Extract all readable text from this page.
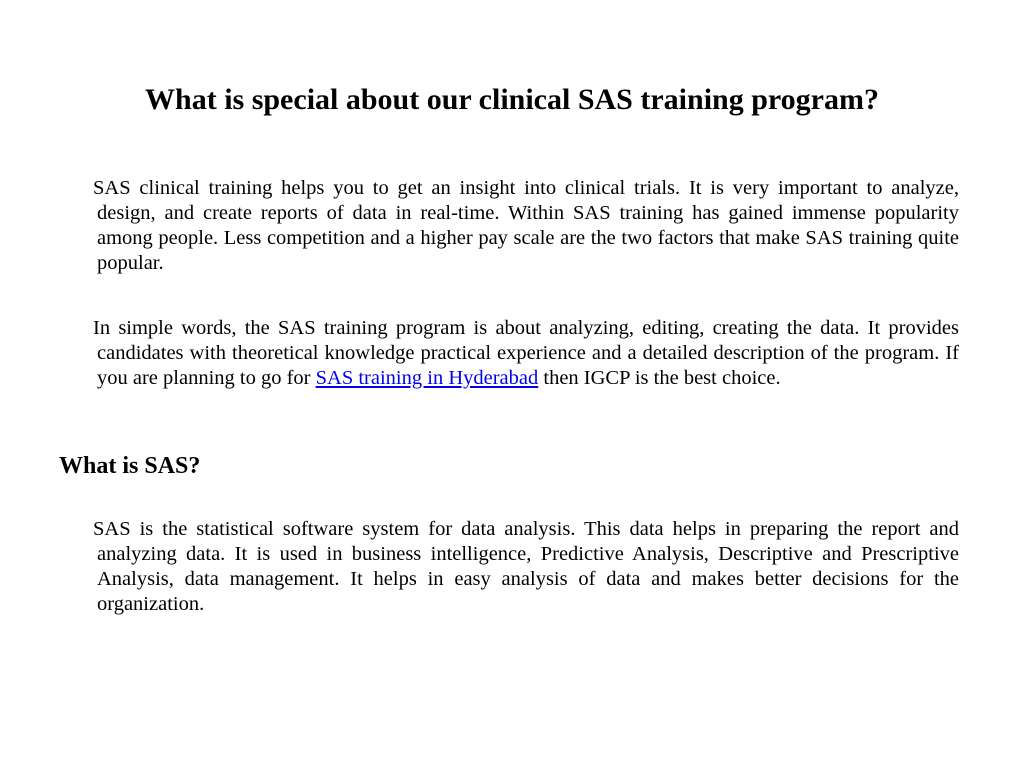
What is special about our clinical SAS training program?

SAS clinical training helps you to get an insight into clinical trials. It is very important to analyze, design, and create reports of data in real-time. Within SAS training has gained immense popularity among people. Less competition and a higher pay scale are the two factors that make SAS training quite popular.

In simple words, the SAS training program is about analyzing, editing, creating the data. It provides candidates with theoretical knowledge practical experience and a detailed description of the program. If you are planning to go for SAS training in Hyderabad then IGCP is the best choice.

What is SAS?

SAS is the statistical software system for data analysis. This data helps in preparing the report and analyzing data. It is used in business intelligence, Predictive Analysis, Descriptive and Prescriptive Analysis, data management. It helps in easy analysis of data and makes better decisions for the organization.
